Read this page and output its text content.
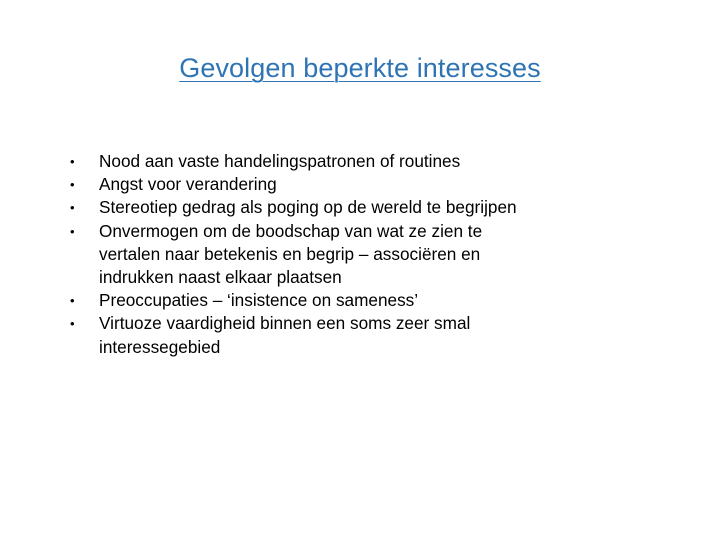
Gevolgen beperkte interesses
•	Nood aan vaste handelingspatronen of routines
•	Angst voor verandering
•	Stereotiep gedrag als poging op de wereld te begrijpen
•	Onvermogen om de boodschap van wat ze zien te vertalen naar betekenis en begrip – associëren en indrukken naast elkaar plaatsen
•	Preoccupaties – ‘insistence on sameness’
•	Virtuoze vaardigheid binnen een soms zeer smal interessegebied
